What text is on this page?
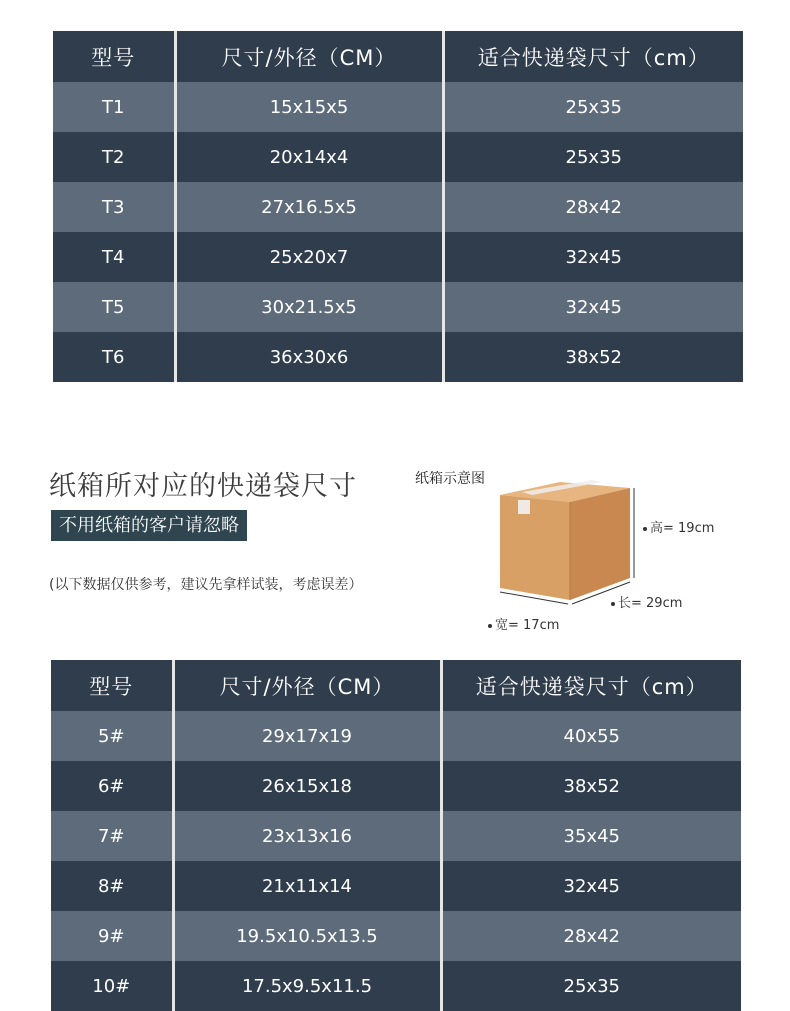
型号	尺寸/外径（CM）	适合快递袋尺寸（cm）
T1	15x15x5	25x35
T2	20x14x4	25x35
T3	27x16.5x5	28x42
T4	25x20x7	32x45
T5	30x21.5x5	32x45
T6	36x30x6	38x52
纸箱所对应的快递袋尺寸
不用纸箱的客户请忽略
(以下数据仅供参考，建议先拿样试装，考虑误差）
纸箱示意图
高= 19cm
长= 29cm
宽= 17cm
型号	尺寸/外径（CM）	适合快递袋尺寸（cm）
5#	29x17x19	40x55
6#	26x15x18	38x52
7#	23x13x16	35x45
8#	21x11x14	32x45
9#	19.5x10.5x13.5	28x42
10#	17.5x9.5x11.5	25x35
